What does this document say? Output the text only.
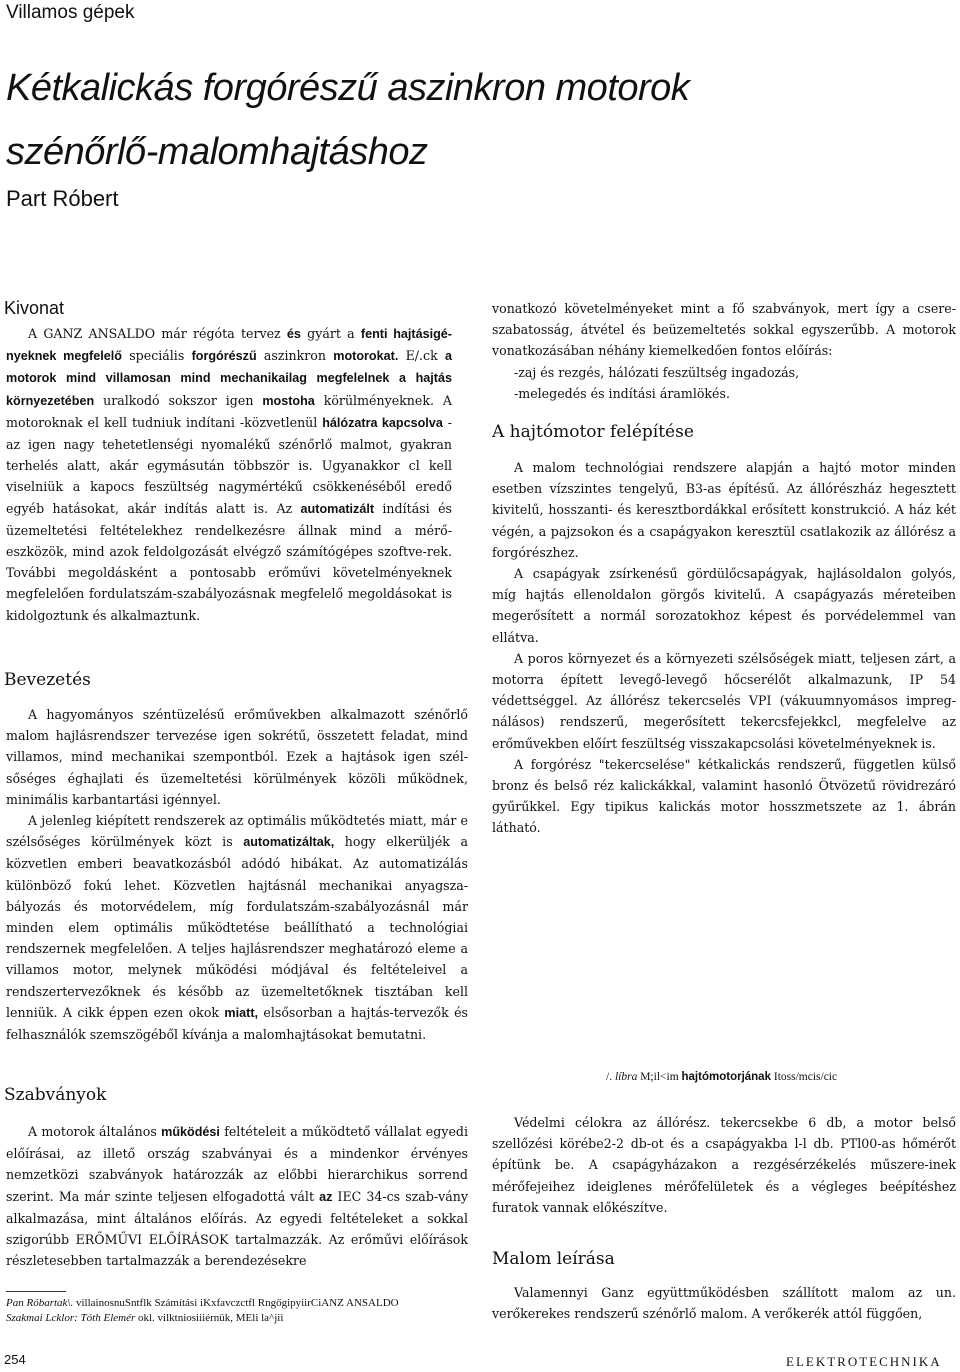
Villamos gépek
Kétkalickás forgórészű aszinkron motorok
szénőrlő-malomhajtáshoz
Part Róbert
Kivonat

A GANZ ANSALDO már régóta tervez és gyárt a fenti hajtásigé-nyeknek megfelelő speciális forgórészű aszinkron motorokat. E/.ck a motorok mind villamosan mind mechanikailag megfelelnek a hajtás környezetében uralkodó sokszor igen mostoha körülményeknek. A motoroknak el kell tudniuk indítani -közvetlenül hálózatra kapcsolva - az igen nagy tehetetlenségi nyomalékű szénőrlő malmot, gyakran terhelés alatt, akár egymásután többször is. Ugyanakkor cl kell viselniük a kapocs feszültség nagymértékű csökkenéséből eredő egyéb hatásokat, akár indítás alatt is. Az automatizált indítási és üzemeltetési feltételekhez rendelkezésre állnak mind a mérő-eszközök, mind azok feldolgozását elvégző számítógépes szoftve-rek. További megoldásként a pontosabb erőművi követelményeknek megfelelően fordulatszám-szabályozásnak megfelelő megoldásokat is kidolgoztunk és alkalmaztunk.

Bevezetés

A hagyományos széntüzelésű erőművekben alkalmazott szénőrlő malom hajlásrendszer tervezése igen sokrétű, összetett feladat, mind villamos, mind mechanikai szempontból. Ezek a hajtások igen szél-sőséges éghajlati és üzemeltetési körülmények közöli működnek, minimális karbantartási igénnyel.

A jelenleg kiépített rendszerek az optimális működtetés miatt, már e szélsőséges körülmények közt is automatizáltak, hogy elkerüljék a közvetlen emberi beavatkozásból adódó hibákat. Az automatizálás különböző fokú lehet. Közvetlen hajtásnál mechanikai anyagsza-bályozás és motorvédelem, míg fordulatszám-szabályozásnál már minden elem optimális működtetése beállítható a technológiai rendszernek megfelelően. A teljes hajlásrendszer meghatározó eleme a villamos motor, melynek működési módjával és feltételeivel a rendszertervezőknek és később az üzemeltetőknek tisztában kell lenniük. A cikk éppen ezen okok miatt, elsősorban a hajtás-tervezők és felhasználók szemszögéből kívánja a malomhajtásokat bemutatni.

Szabványok

A motorok általános működési feltételeit a működtető vállalat egyedi előírásai, az illető ország szabványai és a mindenkor érvényes nemzetközi szabványok határozzák az előbbi hierarchikus sorrend szerint. Ma már szinte teljesen elfogadottá vált az IEC 34-cs szab-vány alkalmazása, mint általános előírás. Az egyedi feltételeket a sokkal szigorúbb ERŐMŰVI ELŐÍRÁSOK tartalmazzák. Az erőművi előírások részletesebben tartalmazzák a berendezésekre

vonatkozó követelményeket mint a fő szabványok, mert így a csere-szabatosság, átvétel és beüzemeltetés sokkal egyszerűbb. A motorok vonatkozásában néhány kiemelkedően fontos előírás:

-zaj és rezgés, hálózati feszültség ingadozás,

-melegedés és indítási áramlökés.

A hajtómotor felépítése

A malom technológiai rendszere alapján a hajtó motor minden esetben vízszintes tengelyű, B3-as építésű. Az állórészház hegesztett kivitelű, hosszanti- és keresztbordákkal erősített konstrukció. A ház két végén, a pajzsokon és a csapágyakon keresztül csatlakozik az állórész a forgórészhez.

A csapágyak zsírkenésű gördülőcsapágyak, hajlásoldalon golyós, míg hajtás ellenoldalon görgős kivitelű. A csapágyazás méreteiben megerősített a normál sorozatokhoz képest és porvédelemmel van ellátva.

A poros környezet és a környezeti szélsőségek miatt, teljesen zárt, a motorra épített levegő-levegő hőcserélőt alkalmazunk, IP 54 védettséggel. Az állórész tekercselés VPI (vákuumnyomásos impreg-nálásos) rendszerű, megerősített tekercsfejekkcl, megfelelve az erőművekben előírt feszültség visszakapcsolási követelményeknek is.

A forgórész "tekercselése" kétkalickás rendszerű, független külső bronz és belső réz kalickákkal, valamint hasonló Ötvözetű rövidrezáró gyűrűkkel. Egy tipikus kalickás motor hosszmetszete az 1. ábrán látható.

/. líbra M;il<im hajtómotorjának Itoss/mcis/cic

Védelmi célokra az állórész. tekercsekbe 6 db, a motor belső szellőzési körébe2-2 db-ot és a csapágyakba l-l db. PTl00-as hőmérőt építünk be. A csapágyházakon a rezgésérzékelés műszere-inek mérőfejeihez ideiglenes mérőfelületek és a végleges beépítéshez furatok vannak előkészítve.

Malom leírása

Valamennyi Ganz együttműködésben szállított malom az un. verőkerekes rendszerű szénőrlő malom. A verőkerék attól függően,

Pan Róbartak\. villainosnuSntflk Számítási iKxfavczctfl RngőgipyiirCiANZ ANSALDO
Szakmai Lcklor: Tóth Elemér okl. vilktniosiiiérnük, MEli la^jii
254	ELEKTROTECHNIKA
